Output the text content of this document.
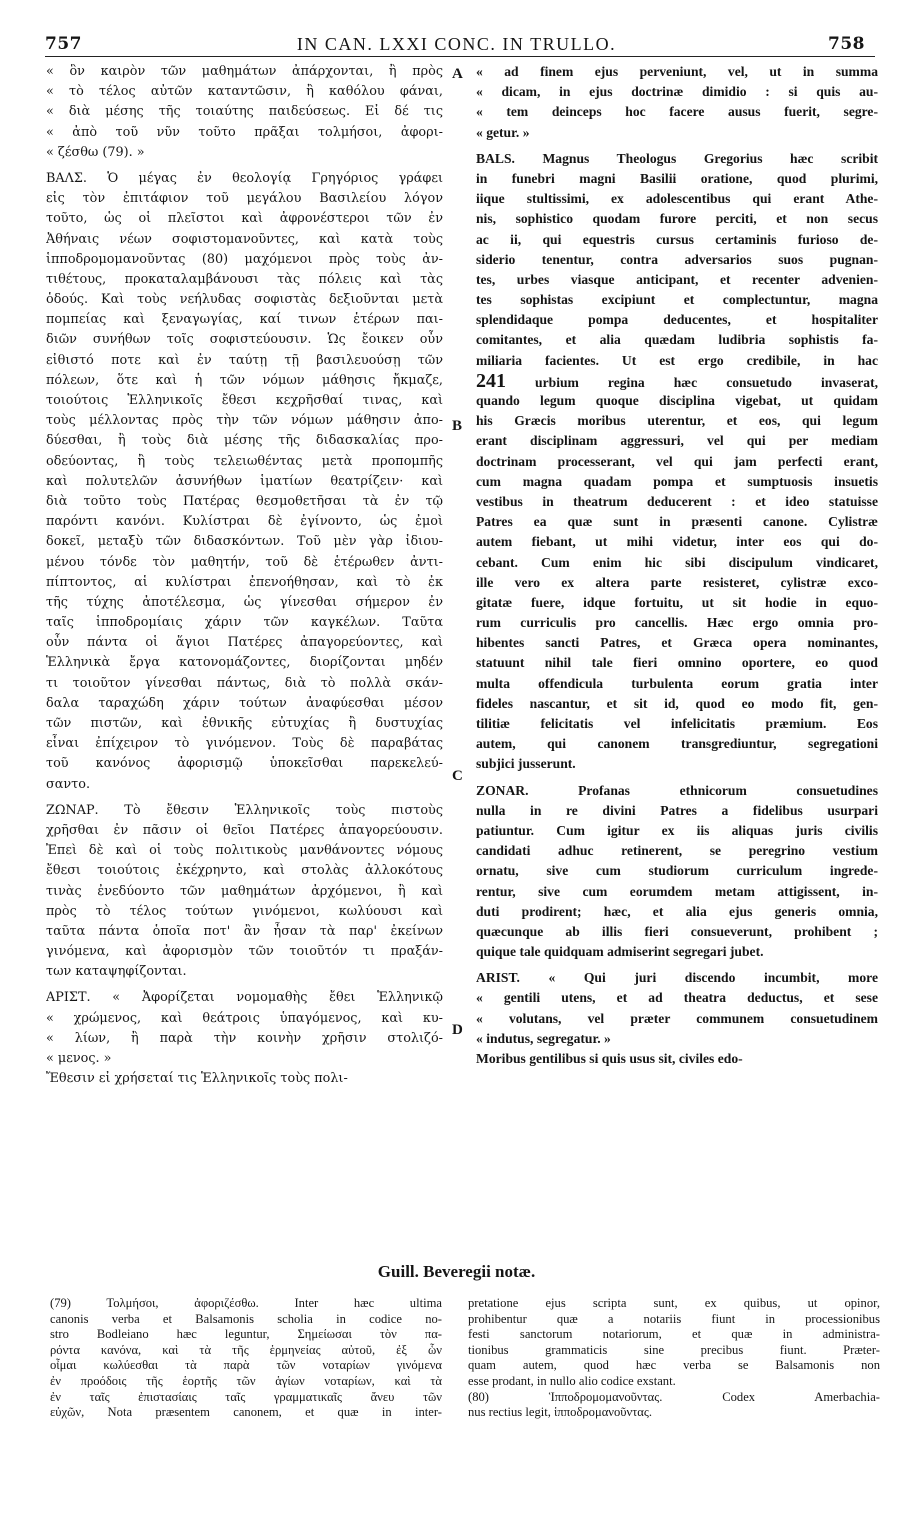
757	IN CAN. LXXI CONC. IN TRULLO.	758
A
B
C
D
« ὃν καιρὸν τῶν μαθημάτων ἀπάρχονται, ἢ πρὸς
« τὸ τέλος αὐτῶν καταντῶσιν, ἢ καθόλου φάναι,
« διὰ μέσης τῆς τοιαύτης παιδεύσεως. Εἰ δέ τις
« ἀπὸ τοῦ νῦν τοῦτο πρᾶξαι τολμήσοι, ἀφορι-
« ζέσθω (79). »
ΒΑΛΣ. Ὁ μέγας ἐν θεολογίᾳ Γρηγόριος γράφει
εἰς τὸν ἐπιτάφιον τοῦ μεγάλου Βασιλείου λόγον
τοῦτο, ὡς οἱ πλεῖστοι καὶ ἀφρονέστεροι τῶν ἐν
Ἀθήναις νέων σοφιστομανοῦντες, καὶ κατὰ τοὺς
ἱπποδρομομανοῦντας (80) μαχόμενοι πρὸς τοὺς ἀν-
τιθέτους, προκαταλαμβάνουσι τὰς πόλεις καὶ τὰς
ὁδούς. Καὶ τοὺς νεήλυδας σοφιστὰς δεξιοῦνται μετὰ
πομπείας καὶ ξεναγωγίας, καί τινων ἑτέρων παι-
διῶν συνήθων τοῖς σοφιστεύουσιν. Ὡς ἔοικεν οὖν
εἰθιστό ποτε καὶ ἐν ταύτῃ τῇ βασιλευούσῃ τῶν
πόλεων, ὅτε καὶ ἡ τῶν νόμων μάθησις ἤκμαζε,
τοιούτοις Ἑλληνικοῖς ἔθεσι κεχρῆσθαί τινας, καὶ
τοὺς μέλλοντας πρὸς τὴν τῶν νόμων μάθησιν ἀπο-
δύεσθαι, ἢ τοὺς διὰ μέσης τῆς διδασκαλίας προ-
οδεύοντας, ἢ τοὺς τελειωθέντας μετὰ προπομπῆς
καὶ πολυτελῶν ἀσυνήθων ἱματίων θεατρίζειν· καὶ
διὰ τοῦτο τοὺς Πατέρας θεσμοθετῆσαι τὰ ἐν τῷ
παρόντι κανόνι. Κυλίστραι δὲ ἐγίνοντο, ὡς ἐμοὶ
δοκεῖ, μεταξὺ τῶν διδασκόντων. Τοῦ μὲν γὰρ ἰδιου-
μένου τόνδε τὸν μαθητήν, τοῦ δὲ ἑτέρωθεν ἀντι-
πίπτοντος, αἱ κυλίστραι ἐπενοήθησαν, καὶ τὸ ἐκ
τῆς τύχης ἀποτέλεσμα, ὡς γίνεσθαι σήμερον ἐν
ταῖς ἱπποδρομίαις χάριν τῶν καγκέλων. Ταῦτα
οὖν πάντα οἱ ἅγιοι Πατέρες ἀπαγορεύοντες, καὶ
Ἑλληνικὰ ἔργα κατονομάζοντες, διορίζονται μηδέν
τι τοιοῦτον γίνεσθαι πάντως, διὰ τὸ πολλὰ σκάν-
δαλα ταραχώδη χάριν τούτων ἀναφύεσθαι μέσον
τῶν πιστῶν, καὶ ἐθνικῆς εὐτυχίας ἢ δυστυχίας
εἶναι ἐπίχειρον τὸ γινόμενον. Τοὺς δὲ παραβάτας
τοῦ κανόνος ἀφορισμῷ ὑποκεῖσθαι παρεκελεύ-
σαντο.
ΖΩΝΑΡ. Τὸ ἔθεσιν Ἑλληνικοῖς τοὺς πιστοὺς
χρῆσθαι ἐν πᾶσιν οἱ θεῖοι Πατέρες ἀπαγορεύουσιν.
Ἐπεὶ δὲ καὶ οἱ τοὺς πολιτικοὺς μανθάνοντες νόμους
ἔθεσι τοιούτοις ἐκέχρηντο, καὶ στολὰς ἀλλοκότους
τινὰς ἐνεδύοντο τῶν μαθημάτων ἀρχόμενοι, ἢ καὶ
πρὸς τὸ τέλος τούτων γινόμενοι, κωλύουσι καὶ
ταῦτα πάντα ὁποῖα ποτ' ἂν ἦσαν τὰ παρ' ἐκείνων
γινόμενα, καὶ ἀφορισμὸν τῶν τοιοῦτόν τι πραξάν-
των καταψηφίζονται.
ΑΡΙΣΤ. « Ἀφορίζεται νομομαθὴς ἔθει Ἑλληνικῷ
« χρώμενος, καὶ θεάτροις ὑπαγόμενος, καὶ κυ-
« λίων, ἢ παρὰ τὴν κοινὴν χρῆσιν στολιζό-
« μενος. »
Ἔθεσιν εἰ χρήσεταί τις Ἑλληνικοῖς τοὺς πολι-
« ad finem ejus perveniunt, vel, ut in summa
« dicam, in ejus doctrinæ dimidio : si quis au-
« tem deinceps hoc facere ausus fuerit, segre-
« getur. »
BALS. Magnus Theologus Gregorius hæc scribit
in funebri magni Basilii oratione, quod plurimi,
iique stultissimi, ex adolescentibus qui erant Athe-
nis, sophistico quodam furore perciti, et non secus
ac ii, qui equestris cursus certaminis furioso de-
siderio tenentur, contra adversarios suos pugnan-
tes, urbes viasque anticipant, et recenter advenien-
tes sophistas excipiunt et complectuntur, magna
splendidaque pompa deducentes, et hospitaliter
comitantes, et alia quædam ludibria sophistis fa-
miliaria facientes. Ut est ergo credibile, in hac
241 urbium regina hæc consuetudo invaserat,
quando legum quoque disciplina vigebat, ut quidam
his Græcis moribus uterentur, et eos, qui legum
erant disciplinam aggressuri, vel qui per mediam
doctrinam processerant, vel qui jam perfecti erant,
cum magna quadam pompa et sumptuosis insuetis
vestibus in theatrum deducerent : et ideo statuisse
Patres ea quæ sunt in præsenti canone. Cylistræ
autem fiebant, ut mihi videtur, inter eos qui do-
cebant. Cum enim hic sibi discipulum vindicaret,
ille vero ex altera parte resisteret, cylistræ exco-
gitatæ fuere, idque fortuitu, ut sit hodie in equo-
rum curriculis pro cancellis. Hæc ergo omnia pro-
hibentes sancti Patres, et Græca opera nominantes,
statuunt nihil tale fieri omnino oportere, eo quod
multa offendicula turbulenta eorum gratia inter
fideles nascantur, et sit id, quod eo modo fit, gen-
tilitiæ felicitatis vel infelicitatis præmium. Eos
autem, qui canonem transgrediuntur, segregationi
subjici jusserunt.
ZONAR. Profanas ethnicorum consuetudines
nulla in re divini Patres a fidelibus usurpari
patiuntur. Cum igitur ex iis aliquas juris civilis
candidati adhuc retinerent, se peregrino vestium
ornatu, sive cum studiorum curriculum ingrede-
rentur, sive cum eorumdem metam attigissent, in-
duti prodirent; hæc, et alia ejus generis omnia,
quæcunque ab illis fieri consueverunt, prohibent ;
quique tale quidquam admiserint segregari jubet.
ARIST. « Qui juri discendo incumbit, more
« gentili utens, et ad theatra deductus, et sese
« volutans, vel præter communem consuetudinem
« indutus, segregatur. »
Moribus gentilibus si quis usus sit, civiles edo-
Guill. Beveregii notæ.
(79) Τολμήσοι, ἀφοριζέσθω. Inter hæc ultima
canonis verba et Balsamonis scholia in codice no-
stro Bodleiano hæc leguntur, Σημείωσαι τὸν πα-
ρόντα κανόνα, καὶ τὰ τῆς ἑρμηνείας αὐτοῦ, ἐξ ὧν
οἶμαι κωλύεσθαι τὰ παρὰ τῶν νοταρίων γινόμενα
ἐν προόδοις τῆς ἑορτῆς τῶν ἁγίων νοταρίων, καὶ τὰ
ἐν ταῖς ἐπιστασίαις ταῖς γραμματικαῖς ἄνευ τῶν
εὐχῶν, Nota præsentem canonem, et quæ in inter-
pretatione ejus scripta sunt, ex quibus, ut opinor,
prohibentur quæ a notariis fiunt in processionibus
festi sanctorum notariorum, et quæ in administra-
tionibus grammaticis sine precibus fiunt. Præter-
quam autem, quod hæc verba se Balsamonis non
esse prodant, in nullo alio codice exstant.
(80) Ἱπποδρομομανοῦντας. Codex Amerbachia-
nus rectius legit, ἱπποδρομανοῦντας.
